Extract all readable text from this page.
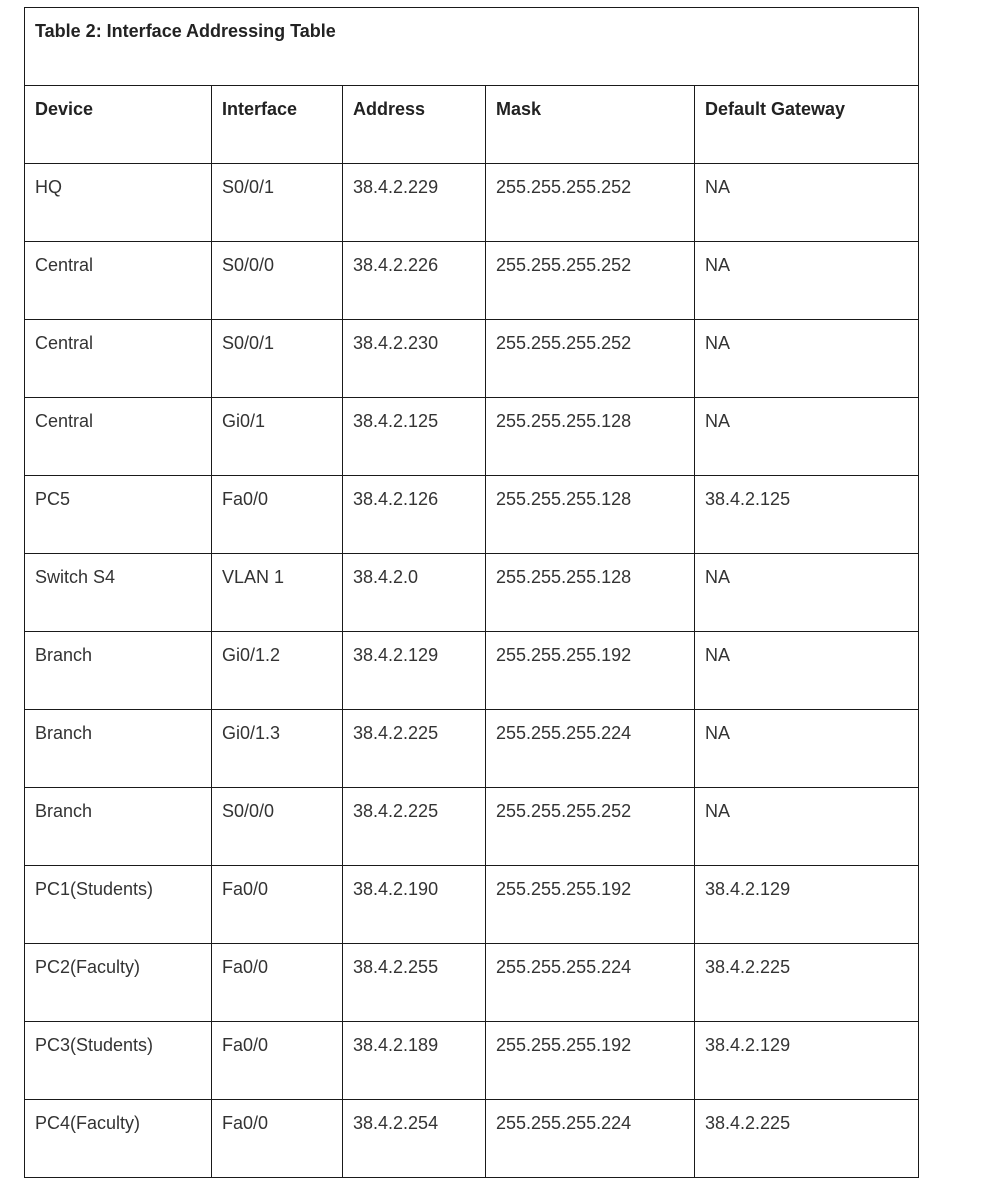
Table 2: Interface Addressing Table				
Device	Interface	Address	Mask	Default Gateway
HQ	S0/0/1	38.4.2.229	255.255.255.252	NA
Central	S0/0/0	38.4.2.226	255.255.255.252	NA
Central	S0/0/1	38.4.2.230	255.255.255.252	NA
Central	Gi0/1	38.4.2.125	255.255.255.128	NA
PC5	Fa0/0	38.4.2.126	255.255.255.128	38.4.2.125
Switch S4	VLAN 1	38.4.2.0	255.255.255.128	NA
Branch	Gi0/1.2	38.4.2.129	255.255.255.192	NA
Branch	Gi0/1.3	38.4.2.225	255.255.255.224	NA
Branch	S0/0/0	38.4.2.225	255.255.255.252	NA
PC1(Students)	Fa0/0	38.4.2.190	255.255.255.192	38.4.2.129
PC2(Faculty)	Fa0/0	38.4.2.255	255.255.255.224	38.4.2.225
PC3(Students)	Fa0/0	38.4.2.189	255.255.255.192	38.4.2.129
PC4(Faculty)	Fa0/0	38.4.2.254	255.255.255.224	38.4.2.225
